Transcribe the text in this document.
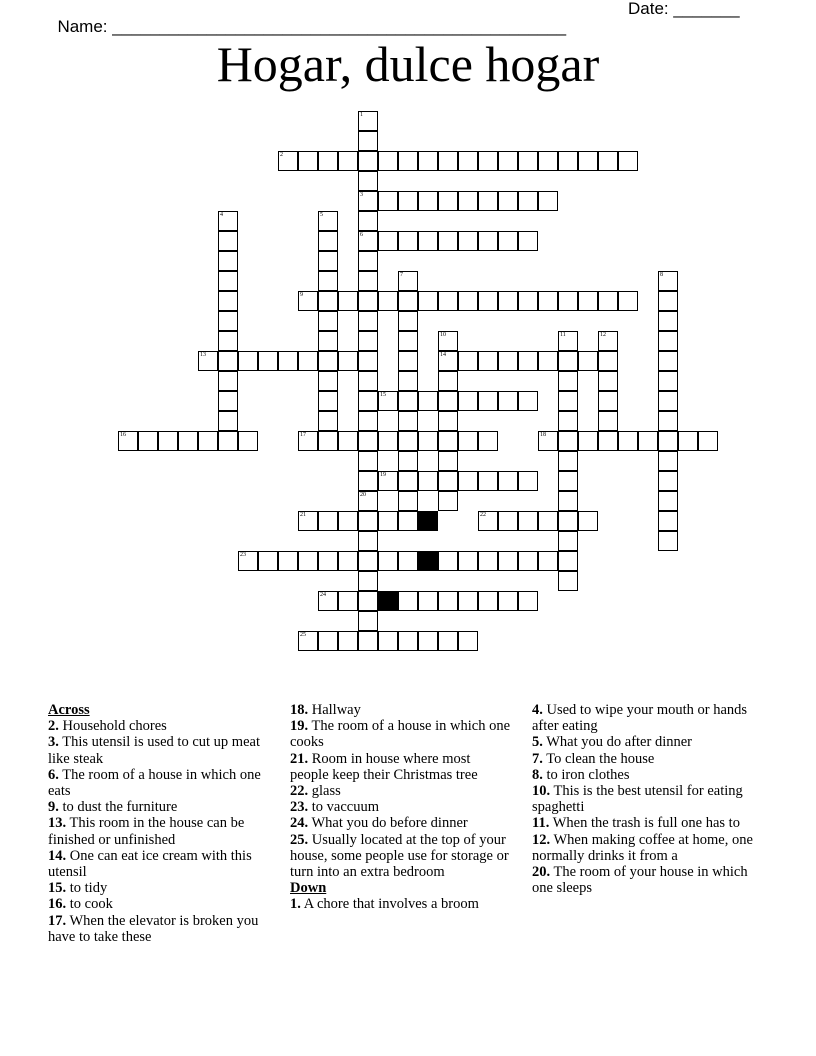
Name: ________________________________________________

Date: _______

Hogar, dulce hogar
2
3
6
9
13	14
15
16	17	18
19
21	22
23
24
25
1
20
4	5
7	8
10	11	12
Across
2. Household chores
3. This utensil is used to cut up meat like steak
6. The room of a house in which one eats
9. to dust the furniture
13. This room in the house can be finished or unfinished
14. One can eat ice cream with this utensil
15. to tidy
16. to cook
17. When the elevator is broken you have to take these
18. Hallway
19. The room of a house in which one cooks
21. Room in house where most people keep their Christmas tree
22. glass
23. to vaccuum
24. What you do before dinner
25. Usually located at the top of your house, some people use for storage or turn into an extra bedroom
Down
1. A chore that involves a broom
4. Used to wipe your mouth or hands after eating
5. What you do after dinner
7. To clean the house
8. to iron clothes
10. This is the best utensil for eating spaghetti
11. When the trash is full one has to
12. When making coffee at home, one normally drinks it from a
20. The room of your house in which one sleeps
